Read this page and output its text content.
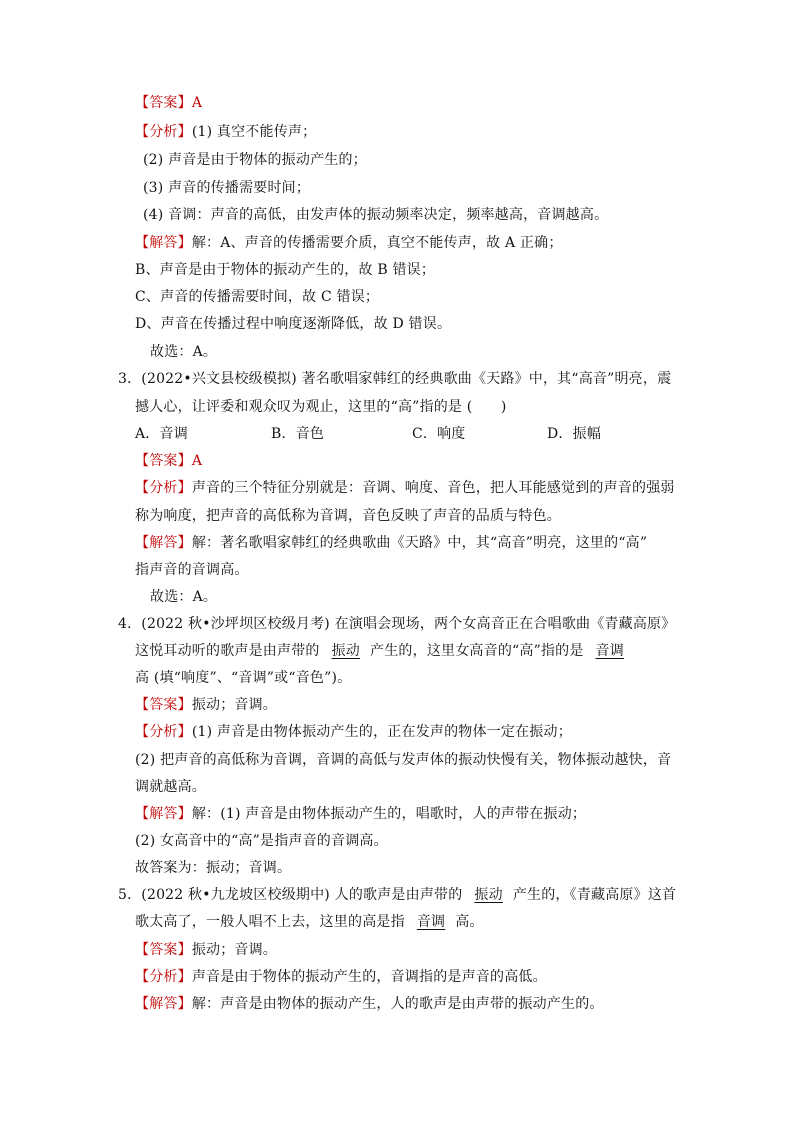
【答案】A
【分析】(1) 真空不能传声；
(2) 声音是由于物体的振动产生的；
(3) 声音的传播需要时间；
(4) 音调：声音的高低，由发声体的振动频率决定，频率越高，音调越高。
【解答】解：A、声音的传播需要介质，真空不能传声，故 A 正确；
B、声音是由于物体的振动产生的，故 B 错误；
C、声音的传播需要时间，故 C 错误；
D、声音在传播过程中响度逐渐降低，故 D 错误。
故选：A。
3．(2022•兴文县校级模拟) 著名歌唱家韩红的经典歌曲《天路》中，其“高音”明亮，震
撼人心，让评委和观众叹为观止，这里的“高”指的是 (　　)
A．音调	B．音色	C．响度	D．振幅
【答案】A
【分析】声音的三个特征分别就是：音调、响度、音色，把人耳能感觉到的声音的强弱
称为响度，把声音的高低称为音调，音色反映了声音的品质与特色。
【解答】解：著名歌唱家韩红的经典歌曲《天路》中，其“高音”明亮，这里的“高”
指声音的音调高。
故选：A。
4．(2022 秋•沙坪坝区校级月考) 在演唱会现场，两个女高音正在合唱歌曲《青藏高原》
这悦耳动听的歌声是由声带的 振动 产生的，这里女高音的“高”指的是 音调
高 (填“响度”、“音调”或“音色”)。
【答案】振动；音调。
【分析】(1) 声音是由物体振动产生的，正在发声的物体一定在振动；
(2) 把声音的高低称为音调，音调的高低与发声体的振动快慢有关，物体振动越快，音
调就越高。
【解答】解：(1) 声音是由物体振动产生的，唱歌时，人的声带在振动；
(2) 女高音中的“高”是指声音的音调高。
故答案为：振动；音调。
5．(2022 秋•九龙坡区校级期中) 人的歌声是由声带的 振动 产生的，《青藏高原》这首
歌太高了，一般人唱不上去，这里的高是指 音调 高。
【答案】振动；音调。
【分析】声音是由于物体的振动产生的，音调指的是声音的高低。
【解答】解：声音是由物体的振动产生，人的歌声是由声带的振动产生的。
